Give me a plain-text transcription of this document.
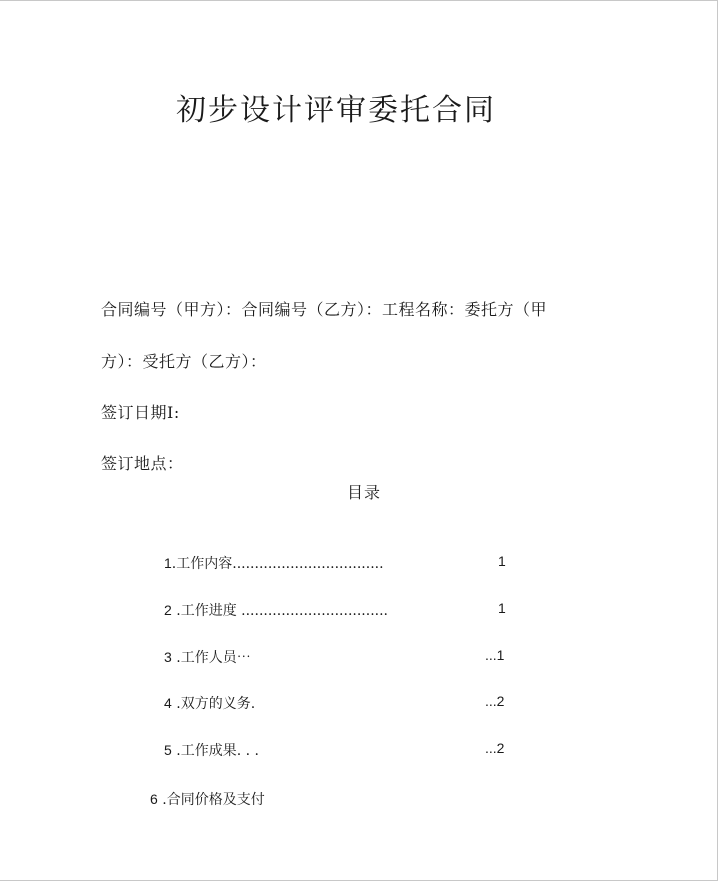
初步设计评审委托合同
合同编号（甲方）：合同编号（乙方）：工程名称：委托方（甲
方）：受托方（乙方）：
签订日期I:
签订地点：
目录
1.工作内容..................................	1
2 .工作进度 .................................	1
3 .工作人员⋯	...1
4 .双方的义务.	...2
5 .工作成果. . .	...2
6 .合同价格及支付
